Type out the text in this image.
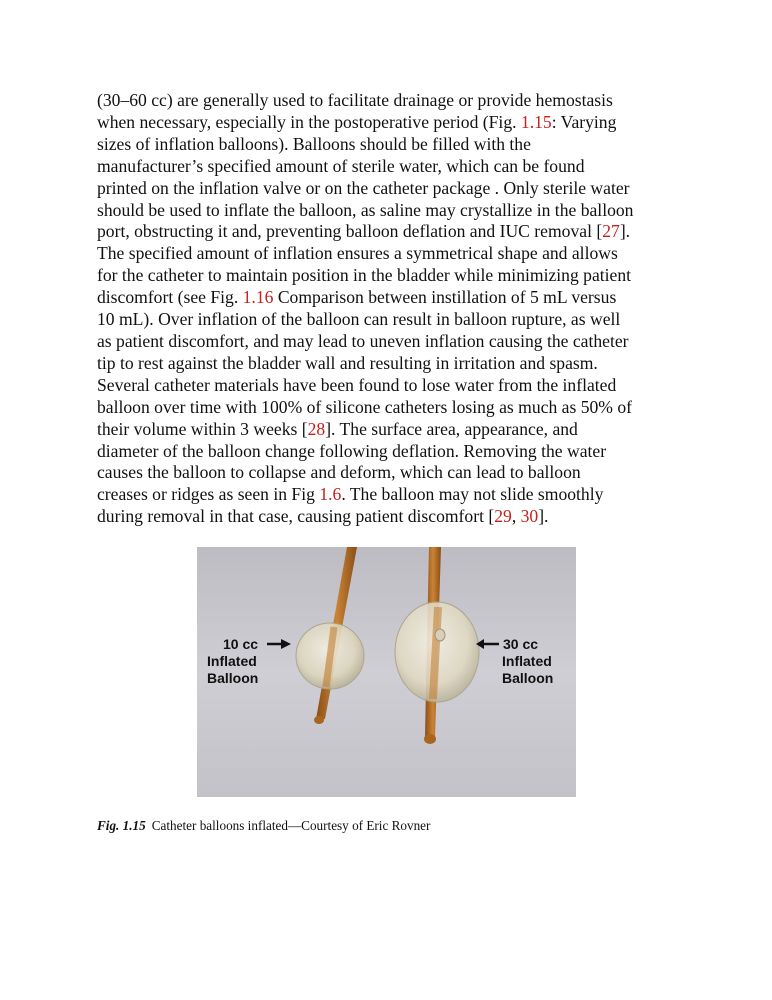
(30–60 cc) are generally used to facilitate drainage or provide hemostasis
when necessary, especially in the postoperative period (Fig. 1.15: Varying
sizes of inflation balloons). Balloons should be filled with the
manufacturer’s specified amount of sterile water, which can be found
printed on the inflation valve or on the catheter package . Only sterile water
should be used to inflate the balloon, as saline may crystallize in the balloon
port, obstructing it and, preventing balloon deflation and IUC removal [27].
The specified amount of inflation ensures a symmetrical shape and allows
for the catheter to maintain position in the bladder while minimizing patient
discomfort (see Fig. 1.16 Comparison between instillation of 5 mL versus
10 mL). Over inflation of the balloon can result in balloon rupture, as well
as patient discomfort, and may lead to uneven inflation causing the catheter
tip to rest against the bladder wall and resulting in irritation and spasm.
Several catheter materials have been found to lose water from the inflated
balloon over time with 100% of silicone catheters losing as much as 50% of
their volume within 3 weeks [28]. The surface area, appearance, and
diameter of the balloon change following deflation. Removing the water
causes the balloon to collapse and deform, which can lead to balloon
creases or ridges as seen in Fig 1.6. The balloon may not slide smoothly
during removal in that case, causing patient discomfort [29, 30].
10 cc
Inflated
Balloon
30 cc
Inflated
Balloon
Fig. 1.15 Catheter balloons inflated—Courtesy of Eric Rovner
